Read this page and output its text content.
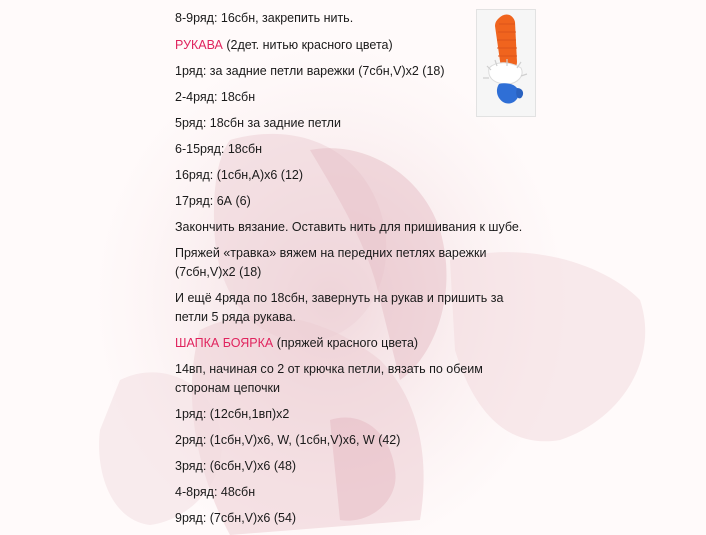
8-9ряд: 16сбн, закрепить нить.
РУКАВА (2дет. нитью красного цвета)
1ряд: за задние петли варежки (7сбн,V)х2 (18)
2-4ряд: 18сбн
5ряд: 18сбн за задние петли
6-15ряд: 18сбн
16ряд: (1сбн,А)х6 (12)
17ряд: 6А (6)
Закончить вязание. Оставить нить для пришивания к шубе.
Пряжей «травка» вяжем на передних петлях варежки
(7сбн,V)х2 (18)
И ещё 4ряда по 18сбн, завернуть на рукав и пришить за
петли 5 ряда рукава.
ШАПКА БОЯРКА (пряжей красного цвета)
14вп, начиная со 2 от крючка петли, вязать по обеим
сторонам цепочки
1ряд: (12сбн,1вп)х2
2ряд: (1сбн,V)х6, W, (1сбн,V)х6, W (42)
3ряд: (6сбн,V)х6 (48)
4-8ряд: 48сбн
9ряд: (7сбн,V)х6 (54)
